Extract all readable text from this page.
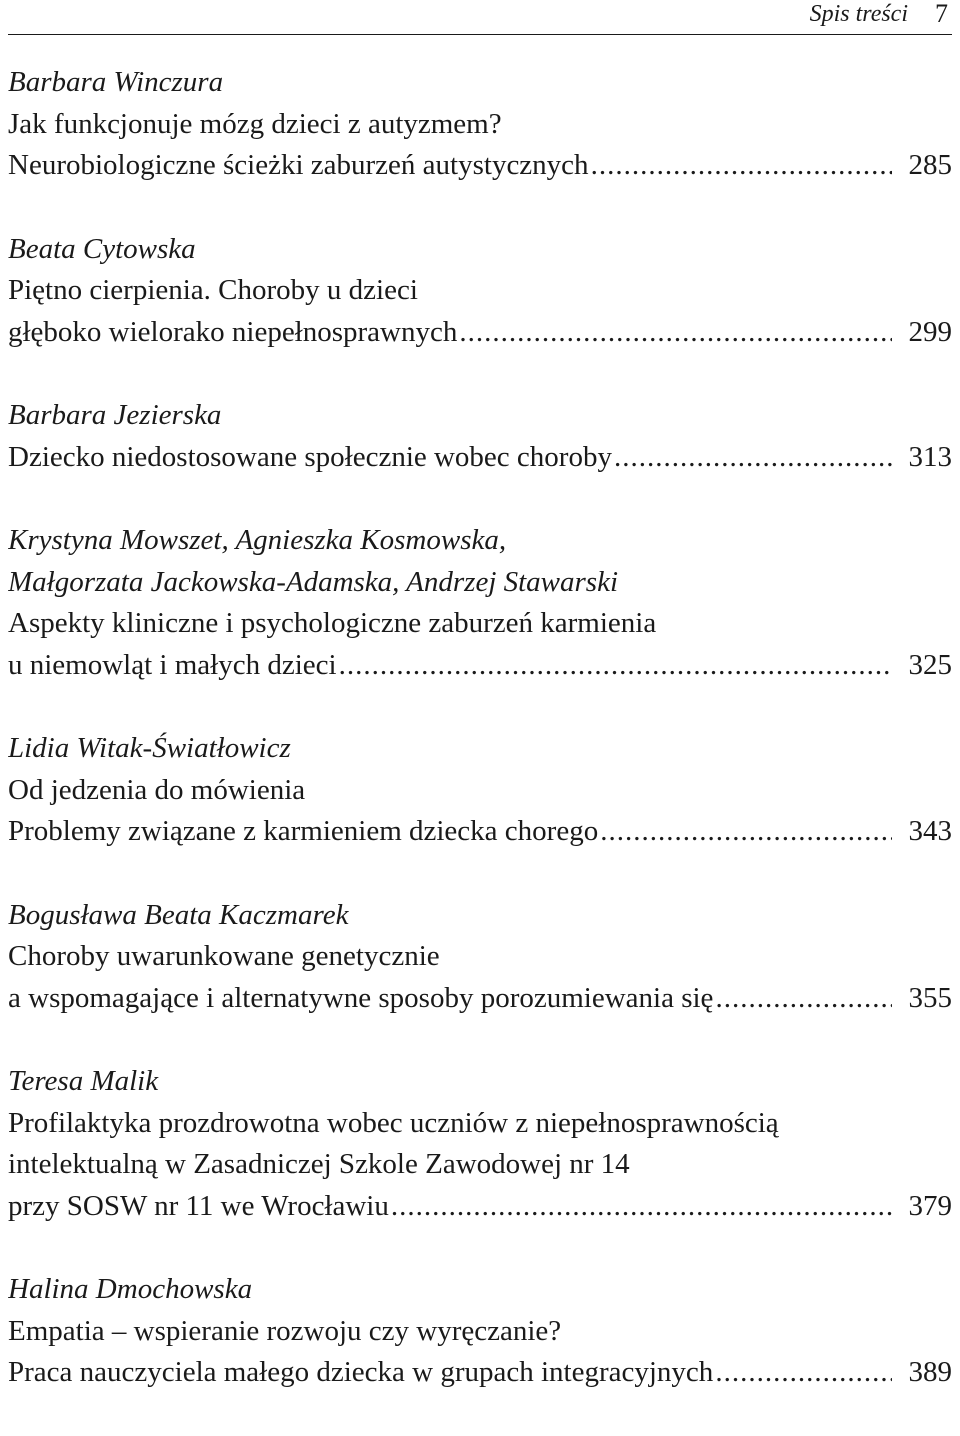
Spis treści 7
Barbara Winczura
Jak funkcjonuje mózg dzieci z autyzmem?
Neurobiologiczne ścieżki zaburzeń autystycznych .....	285
Beata Cytowska
Piętno cierpienia. Choroby u dzieci
głęboko wielorako niepełnosprawnych .....	299
Barbara Jezierska
Dziecko niedostosowane społecznie wobec choroby .....	313
Krystyna Mowszet, Agnieszka Kosmowska,
Małgorzata Jackowska-Adamska, Andrzej Stawarski
Aspekty kliniczne i psychologiczne zaburzeń karmienia
u niemowląt i małych dzieci .....	325
Lidia Witak-Światłowicz
Od jedzenia do mówienia
Problemy związane z karmieniem dziecka chorego .....	343
Bogusława Beata Kaczmarek
Choroby uwarunkowane genetycznie
a wspomagające i alternatywne sposoby porozumiewania się .....	355
Teresa Malik
Profilaktyka prozdrowotna wobec uczniów z niepełnosprawnością
intelektualną w Zasadniczej Szkole Zawodowej nr 14
przy SOSW nr 11 we Wrocławiu .....	379
Halina Dmochowska
Empatia – wspieranie rozwoju czy wyręczanie?
Praca nauczyciela małego dziecka w grupach integracyjnych .....	389
